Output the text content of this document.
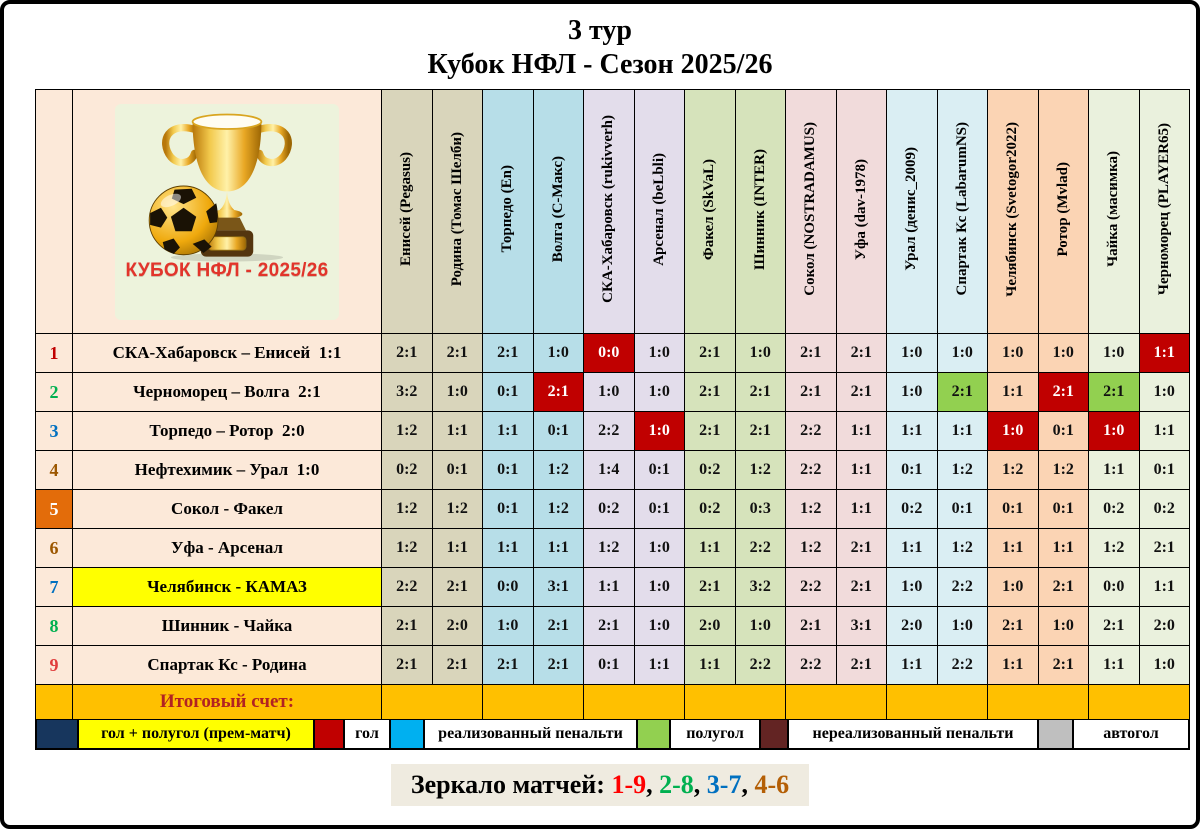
3 тур
Кубок НФЛ - Сезон 2025/26

	КУБОК НФЛ - 2025/26	Енисей (Pegasus)	Родина (Томас Шелби)	Торпедо (En)	Волга (С-Макс)	СКА-Хабаровск (rukivverh)	Арсенал (beLbli)	Факел (SkVaL)	Шинник (INTER)	Сокол (NOSTRADAMUS)	Уфа (dav-1978)	Урал (денис_2009)	Спартак Кс (LabarumNS)	Челябинск (Svetogor2022)	Ротор (Mvlad)	Чайка (масимка)	Черноморец (PLAYER65)
1	СКА-Хабаровск – Енисей 1:1	2:1	2:1	2:1	1:0	0:0	1:0	2:1	1:0	2:1	2:1	1:0	1:0	1:0	1:0	1:0	1:1
2	Черноморец – Волга 2:1	3:2	1:0	0:1	2:1	1:0	1:0	2:1	2:1	2:1	2:1	1:0	2:1	1:1	2:1	2:1	1:0
3	Торпедо – Ротор 2:0	1:2	1:1	1:1	0:1	2:2	1:0	2:1	2:1	2:2	1:1	1:1	1:1	1:0	0:1	1:0	1:1
4	Нефтехимик – Урал 1:0	0:2	0:1	0:1	1:2	1:4	0:1	0:2	1:2	2:2	1:1	0:1	1:2	1:2	1:2	1:1	0:1
5	Сокол - Факел	1:2	1:2	0:1	1:2	0:2	0:1	0:2	0:3	1:2	1:1	0:2	0:1	0:1	0:1	0:2	0:2
6	Уфа - Арсенал	1:2	1:1	1:1	1:1	1:2	1:0	1:1	2:2	1:2	2:1	1:1	1:2	1:1	1:1	1:2	2:1
7	Челябинск - КАМАЗ	2:2	2:1	0:0	3:1	1:1	1:0	2:1	3:2	2:2	2:1	1:0	2:2	1:0	2:1	0:0	1:1
8	Шинник - Чайка	2:1	2:0	1:0	2:1	2:1	1:0	2:0	1:0	2:1	3:1	2:0	1:0	2:1	1:0	2:1	2:0
9	Спартак Кс - Родина	2:1	2:1	2:1	2:1	0:1	1:1	1:1	2:2	2:2	2:1	1:1	2:2	1:1	2:1	1:1	1:0
	Итоговый счет:																
гол + полугол (прем-матч)	гол	реализованный пенальти	полугол	нереализованный пенальти	автогол
Зеркало матчей: 1-9, 2-8, 3-7, 4-6
